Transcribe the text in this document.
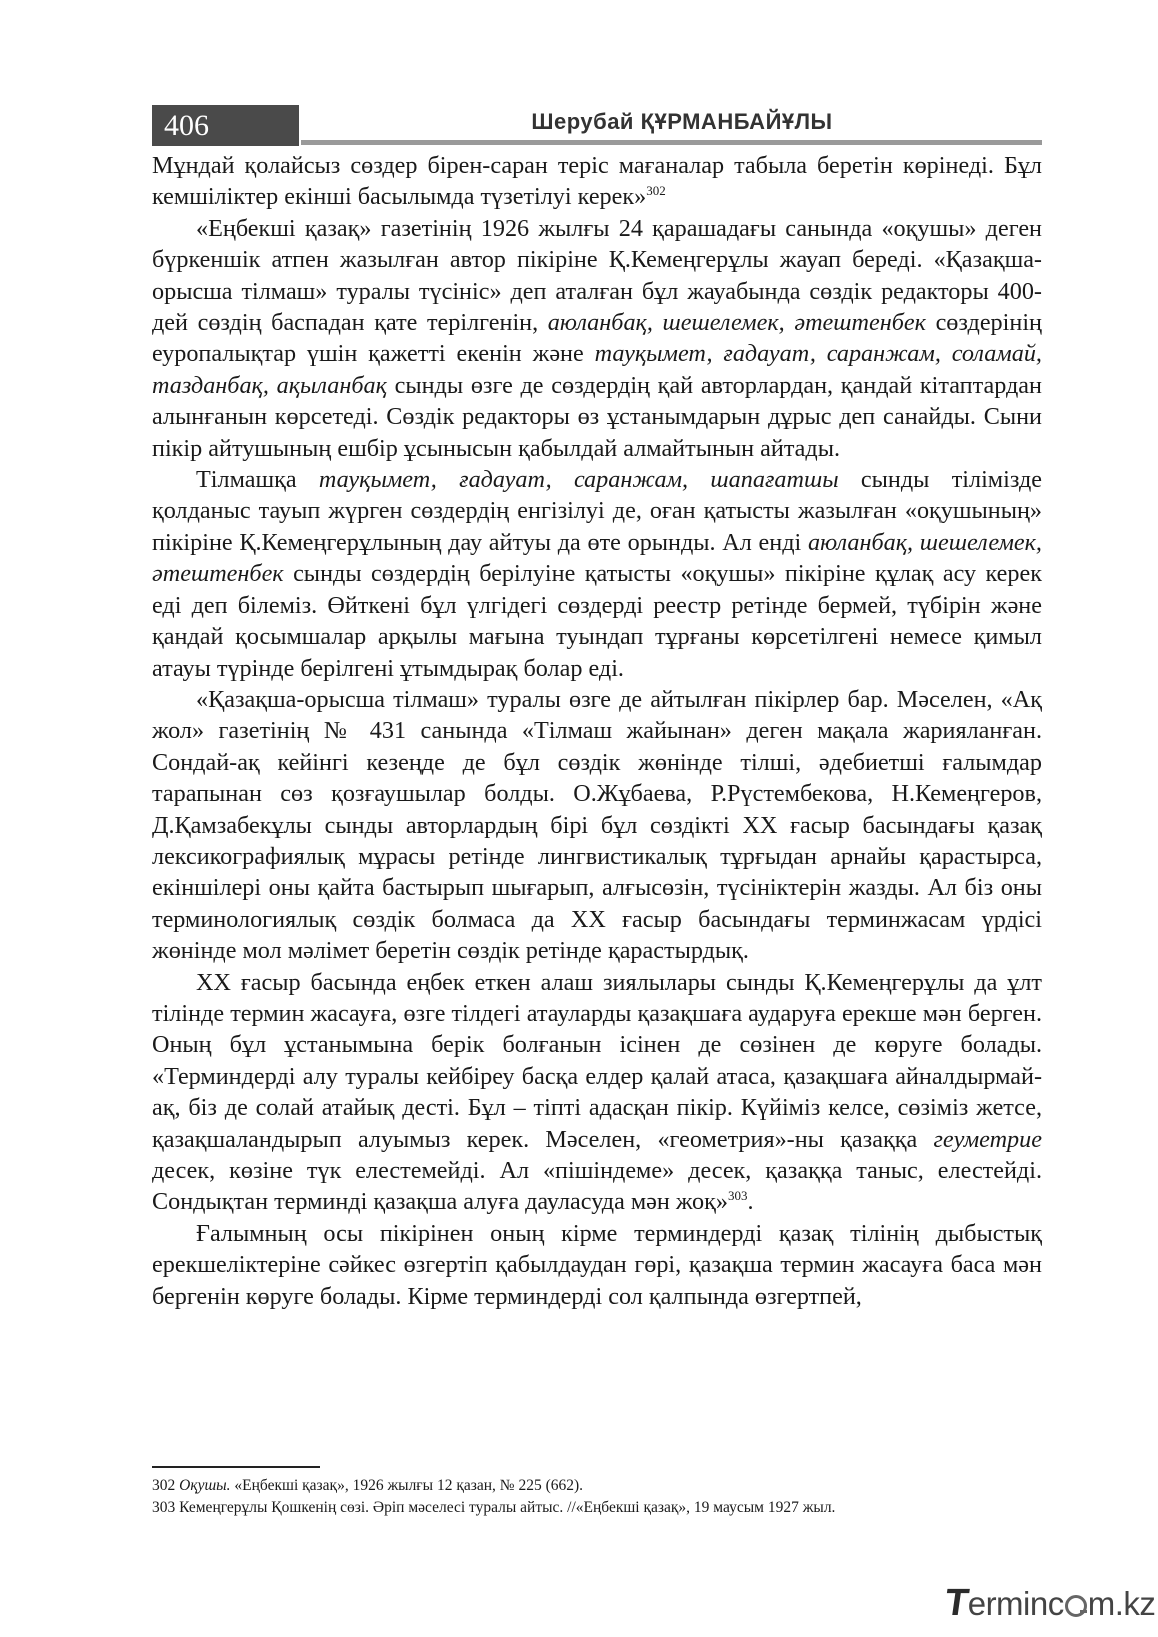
406	Шерубай ҚҰРМАНБАЙҰЛЫ

Мұндай қолайсыз сөздер бірен-саран теріс мағаналар табыла беретін көрінеді. Бұл кемшіліктер екінші басылымда түзетілуі керек»$^{302}$

«Еңбекші қазақ» газетінің 1926 жылғы 24 қарашадағы санында «оқушы» деген бүркеншік атпен жазылған автор пікіріне Қ.Кемеңгерұлы жауап береді. «Қазақша-орысша тілмаш» туралы түсініс» деп аталған бұл жауабында сөздік редакторы 400-дей сөздің баспадан қате терілгенін, аюланбақ, шешелемек, әтештенбек сөздерінің еуропалықтар үшін қажетті екенін және тауқымет, ғадауат, саранжам, соламай, тазданбақ, ақыланбақ сынды өзге де сөздердің қай авторлардан, қандай кітаптардан алынғанын көрсетеді. Сөздік редакторы өз ұстанымдарын дұрыс деп санайды. Сыни пікір айтушының ешбір ұсынысын қабылдай алмайтынын айтады.

Тілмашқа тауқымет, ғадауат, саранжам, шапағатшы сынды тілімізде қолданыс тауып жүрген сөздердің енгізілуі де, оған қатысты жазылған «оқушының» пікіріне Қ.Кемеңгерұлының дау айтуы да өте орынды. Ал енді аюланбақ, шешелемек, әтештенбек сынды сөздердің берілуіне қатысты «оқушы» пікіріне құлақ асу керек еді деп білеміз. Өйткені бұл үлгідегі сөздерді реестр ретінде бермей, түбірін және қандай қосымшалар арқылы мағына туындап тұрғаны көрсетілгені немесе қимыл атауы түрінде берілгені ұтымдырақ болар еді.

«Қазақша-орысша тілмаш» туралы өзге де айтылған пікірлер бар. Мәселен, «Ақ жол» газетінің № 431 санында «Тілмаш жайынан» деген мақала жарияланған. Сондай-ақ кейінгі кезеңде де бұл сөздік жөнінде тілші, әдебиетші ғалымдар тарапынан сөз қозғаушылар болды. О.Жұбаева, Р.Рүстембекова, Н.Кемеңгеров, Д.Қамзабекұлы сынды авторлардың бірі бұл сөздікті ХХ ғасыр басындағы қазақ лексикографиялық мұрасы ретінде лингвистикалық тұрғыдан арнайы қарастырса, екіншілері оны қайта бастырып шығарып, алғысөзін, түсініктерін жазды. Ал біз оны терминологиялық сөздік болмаса да ХХ ғасыр басындағы терминжасам үрдісі жөнінде мол мәлімет беретін сөздік ретінде қарастырдық.

ХХ ғасыр басында еңбек еткен алаш зиялылары сынды Қ.Кемеңгерұлы да ұлт тілінде термин жасауға, өзге тілдегі атауларды қазақшаға аударуға ерекше мән берген. Оның бұл ұстанымына берік болғанын ісінен де сөзінен де көруге болады. «Терминдерді алу туралы кейбіреу басқа елдер қалай атаса, қазақшаға айналдырмай-ақ, біз де солай атайық десті. Бұл – тіпті адасқан пікір. Күйіміз келсе, сөзіміз жетсе, қазақшаландырып алуымыз керек. Мәселен, «геометрия»-ны қазаққа геуметрие десек, көзіне түк елестемейді. Ал «пішіндеме» десек, қазаққа таныс, елестейді. Сондықтан терминді қазақша алуға дауласуда мән жоқ»$^{303}$.

Ғалымның осы пікірінен оның кірме терминдерді қазақ тілінің дыбыстық ерекшеліктеріне сәйкес өзгертіп қабылдаудан гөрі, қазақша термин жасауға баса мән бергенін көруге болады. Кірме терминдерді сол қалпында өзгертпей,

302 Оқушы. «Еңбекші қазақ», 1926 жылғы 12 қазан, № 225 (662).
303 Кемеңгерұлы Қошкенің сөзі. Әріп мәселесі туралы айтыс. //«Еңбекші қазақ», 19 маусым 1927 жыл.
Terminc m.kz
